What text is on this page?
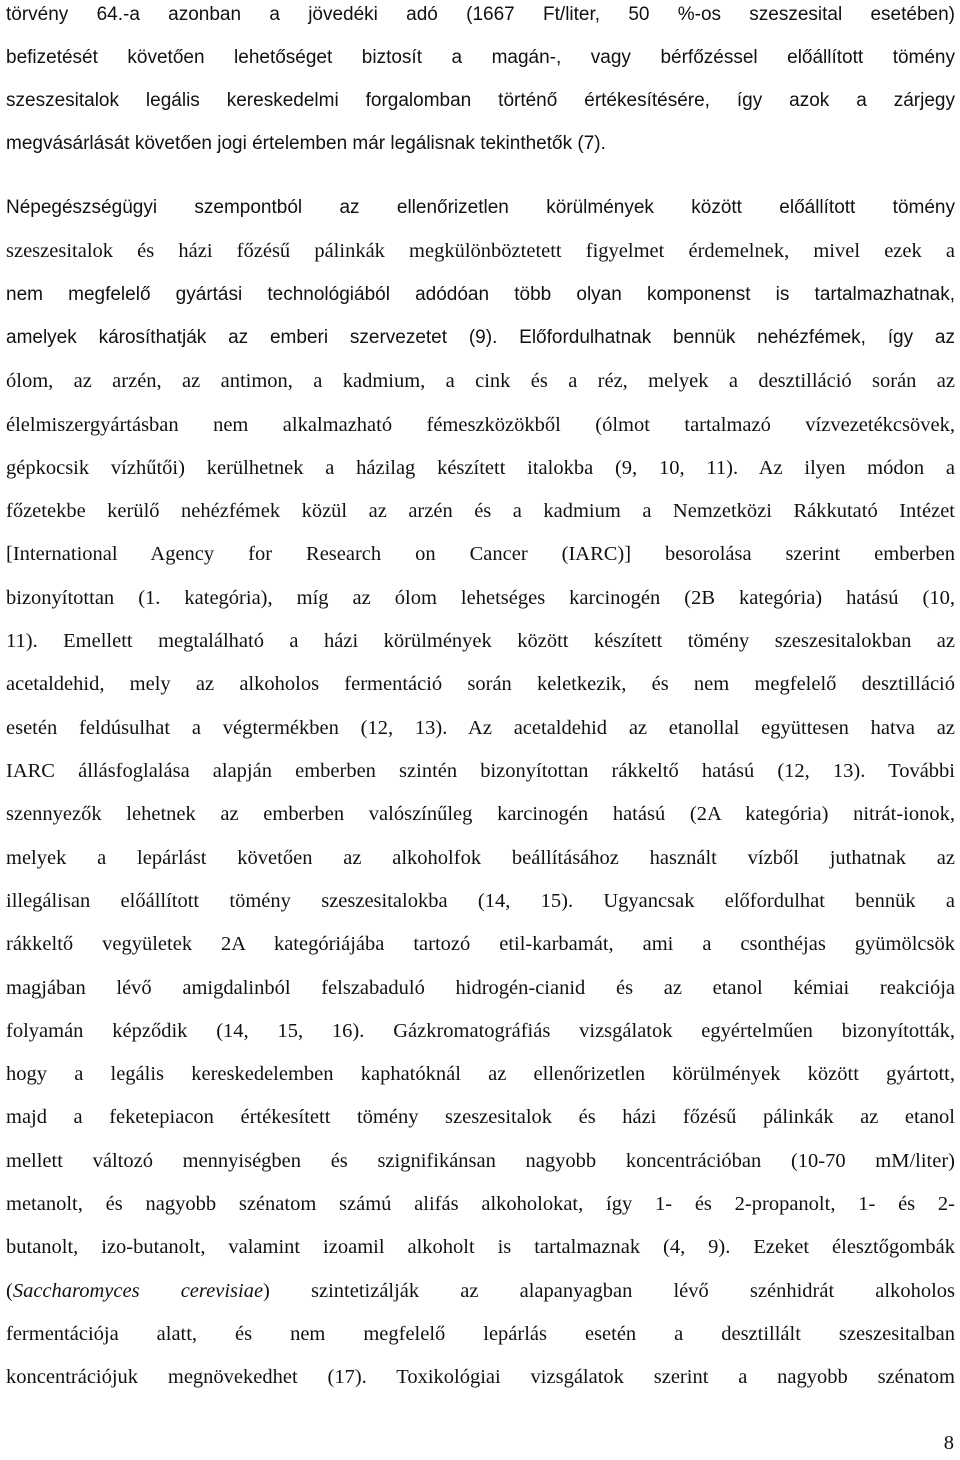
törvény 64.-a azonban a jövedéki adó (1667 Ft/liter, 50 %-os szeszesital esetében)
befizetését követően lehetőséget biztosít a magán-, vagy bérfőzéssel előállított tömény
szeszesitalok legális kereskedelmi forgalomban történő értékesítésére, így azok a zárjegy
megvásárlását követően jogi értelemben már legálisnak tekinthetők (7).
Népegészségügyi szempontból az ellenőrizetlen körülmények között előállított tömény
szeszesitalok és házi főzésű pálinkák megkülönböztetett figyelmet érdemelnek, mivel ezek a
nem megfelelő gyártási technológiából adódóan több olyan komponenst is tartalmazhatnak,
amelyek károsíthatják az emberi szervezetet (9). Előfordulhatnak bennük nehézfémek, így az
ólom, az arzén, az antimon, a kadmium, a cink és a réz, melyek a desztilláció során az
élelmiszergyártásban nem alkalmazható fémeszközökből (ólmot tartalmazó vízvezetékcsövek,
gépkocsik vízhűtői) kerülhetnek a házilag készített italokba (9, 10, 11). Az ilyen módon a
főzetekbe kerülő nehézfémek közül az arzén és a kadmium a Nemzetközi Rákkutató Intézet
[International Agency for Research on Cancer (IARC)] besorolása szerint emberben
bizonyítottan (1. kategória), míg az ólom lehetséges karcinogén (2B kategória) hatású (10,
11). Emellett megtalálható a házi körülmények között készített tömény szeszesitalokban az
acetaldehid, mely az alkoholos fermentáció során keletkezik, és nem megfelelő desztilláció
esetén feldúsulhat a végtermékben (12, 13). Az acetaldehid az etanollal együttesen hatva az
IARC állásfoglalása alapján emberben szintén bizonyítottan rákkeltő hatású (12, 13). További
szennyezők lehetnek az emberben valószínűleg karcinogén hatású (2A kategória) nitrát-ionok,
melyek a lepárlást követően az alkoholfok beállításához használt vízből juthatnak az
illegálisan előállított tömény szeszesitalokba (14, 15). Ugyancsak előfordulhat bennük a
rákkeltő vegyületek 2A kategóriájába tartozó etil-karbamát, ami a csonthéjas gyümölcsök
magjában lévő amigdalinból felszabaduló hidrogén-cianid és az etanol kémiai reakciója
folyamán képződik (14, 15, 16). Gázkromatográfiás vizsgálatok egyértelműen bizonyították,
hogy a legális kereskedelemben kaphatóknál az ellenőrizetlen körülmények között gyártott,
majd a feketepiacon értékesített tömény szeszesitalok és házi főzésű pálinkák az etanol
mellett változó mennyiségben és szignifikánsan nagyobb koncentrációban (10-70 mM/liter)
metanolt, és nagyobb szénatom számú alifás alkoholokat, így 1- és 2-propanolt, 1- és 2-
butanolt, izo-butanolt, valamint izoamil alkoholt is tartalmaznak (4, 9). Ezeket élesztőgombák
(Saccharomyces cerevisiae) szintetizálják az alapanyagban lévő szénhidrát alkoholos
fermentációja alatt, és nem megfelelő lepárlás esetén a desztillált szeszesitalban
koncentrációjuk megnövekedhet (17). Toxikológiai vizsgálatok szerint a nagyobb szénatom
8
